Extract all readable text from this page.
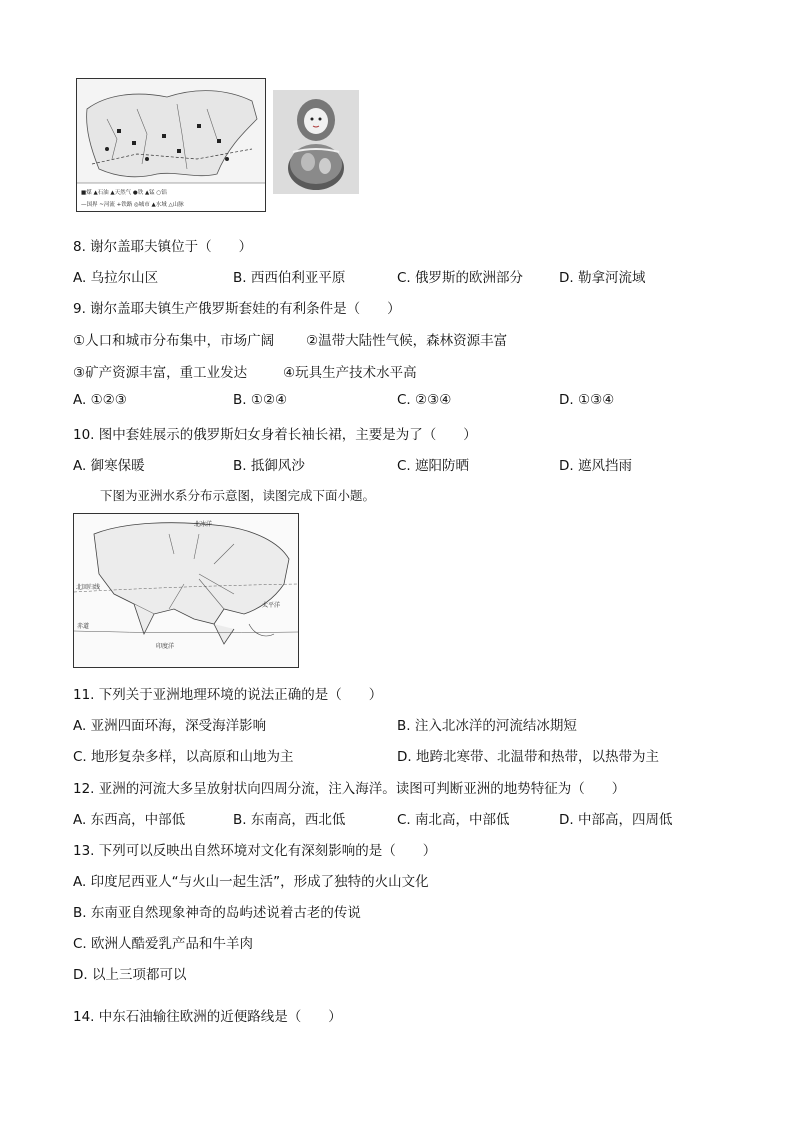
■煤 ▲石油 ▲天然气 ●铁 ▲锰 ○铝
—国界 ~河流 +铁路 ◎城市 ▲水域 △山脉
8. 谢尔盖耶夫镇位于（　　）
A. 乌拉尔山区	B. 西西伯利亚平原	C. 俄罗斯的欧洲部分	D. 勒拿河流域
9. 谢尔盖耶夫镇生产俄罗斯套娃的有利条件是（　　）
①人口和城市分布集中，市场广阔 ②温带大陆性气候，森林资源丰富
③矿产资源丰富，重工业发达	④玩具生产技术水平高
A. ①②③	B. ①②④	C. ②③④	D. ①③④
10. 图中套娃展示的俄罗斯妇女身着长袖长裙，主要是为了（　　）
A. 御寒保暖	B. 抵御风沙	C. 遮阳防晒	D. 遮风挡雨
下图为亚洲水系分布示意图，读图完成下面小题。
北冰洋
太平洋
印度洋
赤道
北回归线
11. 下列关于亚洲地理环境的说法正确的是（　　）
A. 亚洲四面环海，深受海洋影响	B. 注入北冰洋的河流结冰期短
C. 地形复杂多样，以高原和山地为主	D. 地跨北寒带、北温带和热带，以热带为主
12. 亚洲的河流大多呈放射状向四周分流，注入海洋。读图可判断亚洲的地势特征为（　　）
A. 东西高，中部低	B. 东南高，西北低	C. 南北高，中部低	D. 中部高，四周低
13. 下列可以反映出自然环境对文化有深刻影响的是（　　）
A. 印度尼西亚人“与火山一起生活”，形成了独特的火山文化
B. 东南亚自然现象神奇的岛屿述说着古老的传说
C. 欧洲人酷爱乳产品和牛羊肉
D. 以上三项都可以
14. 中东石油输往欧洲的近便路线是（　　）
